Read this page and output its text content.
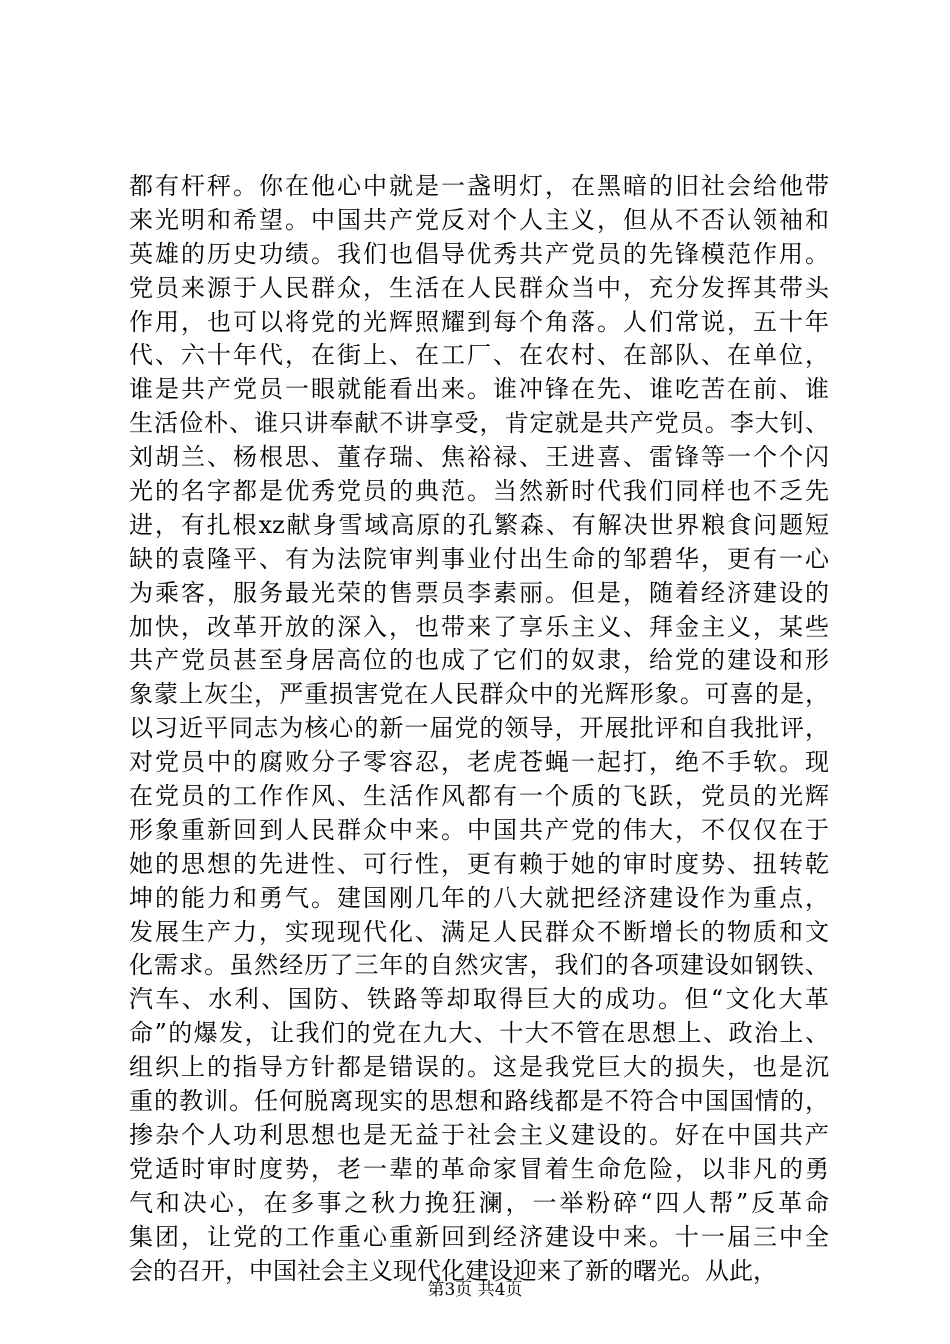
都有杆秤。你在他心中就是一盏明灯，在黑暗的旧社会给他带
来光明和希望。中国共产党反对个人主义，但从不否认领袖和
英雄的历史功绩。我们也倡导优秀共产党员的先锋模范作用。
党员来源于人民群众，生活在人民群众当中，充分发挥其带头
作用，也可以将党的光辉照耀到每个角落。人们常说，五十年
代、六十年代，在街上、在工厂、在农村、在部队、在单位，
谁是共产党员一眼就能看出来。谁冲锋在先、谁吃苦在前、谁
生活俭朴、谁只讲奉献不讲享受，肯定就是共产党员。李大钊、
刘胡兰、杨根思、董存瑞、焦裕禄、王进喜、雷锋等一个个闪
光的名字都是优秀党员的典范。当然新时代我们同样也不乏先
进，有扎根xz献身雪域高原的孔繁森、有解决世界粮食问题短
缺的袁隆平、有为法院审判事业付出生命的邹碧华，更有一心
为乘客，服务最光荣的售票员李素丽。但是，随着经济建设的
加快，改革开放的深入，也带来了享乐主义、拜金主义，某些
共产党员甚至身居高位的也成了它们的奴隶，给党的建设和形
象蒙上灰尘，严重损害党在人民群众中的光辉形象。可喜的是，
以习近平同志为核心的新一届党的领导，开展批评和自我批评，
对党员中的腐败分子零容忍，老虎苍蝇一起打，绝不手软。现
在党员的工作作风、生活作风都有一个质的飞跃，党员的光辉
形象重新回到人民群众中来。中国共产党的伟大，不仅仅在于
她的思想的先进性、可行性，更有赖于她的审时度势、扭转乾
坤的能力和勇气。建国刚几年的八大就把经济建设作为重点，
发展生产力，实现现代化、满足人民群众不断增长的物质和文
化需求。虽然经历了三年的自然灾害，我们的各项建设如钢铁、
汽车、水利、国防、铁路等却取得巨大的成功。但“文化大革
命”的爆发，让我们的党在九大、十大不管在思想上、政治上、
组织上的指导方针都是错误的。这是我党巨大的损失，也是沉
重的教训。任何脱离现实的思想和路线都是不符合中国国情的，
掺杂个人功利思想也是无益于社会主义建设的。好在中国共产
党适时审时度势，老一辈的革命家冒着生命危险，以非凡的勇
气和决心，在多事之秋力挽狂澜，一举粉碎“四人帮”反革命
集团，让党的工作重心重新回到经济建设中来。十一届三中全
会的召开，中国社会主义现代化建设迎来了新的曙光。从此，
第3页 共4页
